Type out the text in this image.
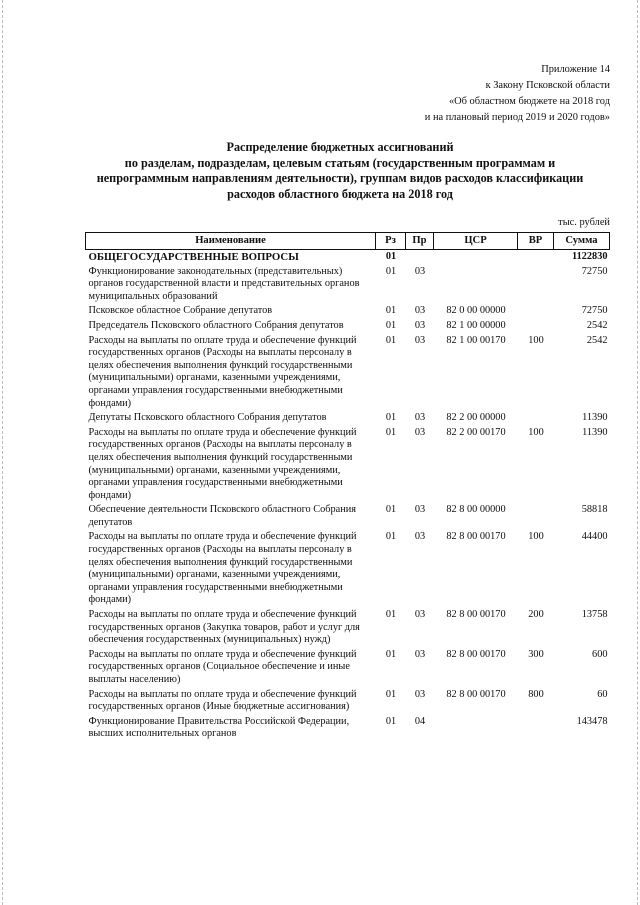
Приложение 14
к Закону Псковской области
«Об областном бюджете на 2018 год
и на плановый период 2019 и 2020 годов»
Распределение бюджетных ассигнований
по разделам, подразделам, целевым статьям (государственным программам и
непрограммным направлениям деятельности), группам видов расходов классификации
расходов областного бюджета на 2018 год
тыс. рублей
Наименование	Рз	Пр	ЦСР	ВР	Сумма
ОБЩЕГОСУДАРСТВЕННЫЕ ВОПРОСЫ	01				1122830
Функционирование законодательных (представительных) органов государственной власти и представительных органов муниципальных образований	01	03			72750
Псковское областное Собрание депутатов	01	03	82 0 00 00000		72750
Председатель Псковского областного Собрания депутатов	01	03	82 1 00 00000		2542
Расходы на выплаты по оплате труда и обеспечение функций государственных органов (Расходы на выплаты персоналу в целях обеспечения выполнения функций государственными (муниципальными) органами, казенными учреждениями, органами управления государственными внебюджетными фондами)	01	03	82 1 00 00170	100	2542
Депутаты Псковского областного Собрания депутатов	01	03	82 2 00 00000		11390
Расходы на выплаты по оплате труда и обеспечение функций государственных органов (Расходы на выплаты персоналу в целях обеспечения выполнения функций государственными (муниципальными) органами, казенными учреждениями, органами управления государственными внебюджетными фондами)	01	03	82 2 00 00170	100	11390
Обеспечение деятельности Псковского областного Собрания депутатов	01	03	82 8 00 00000		58818
Расходы на выплаты по оплате труда и обеспечение функций государственных органов (Расходы на выплаты персоналу в целях обеспечения выполнения функций государственными (муниципальными) органами, казенными учреждениями, органами управления государственными внебюджетными фондами)	01	03	82 8 00 00170	100	44400
Расходы на выплаты по оплате труда и обеспечение функций государственных органов (Закупка товаров, работ и услуг для обеспечения государственных (муниципальных) нужд)	01	03	82 8 00 00170	200	13758
Расходы на выплаты по оплате труда и обеспечение функций государственных органов (Социальное обеспечение и иные выплаты населению)	01	03	82 8 00 00170	300	600
Расходы на выплаты по оплате труда и обеспечение функций государственных органов (Иные бюджетные ассигнования)	01	03	82 8 00 00170	800	60
Функционирование Правительства Российской Федерации, высших исполнительных органов	01	04			143478
